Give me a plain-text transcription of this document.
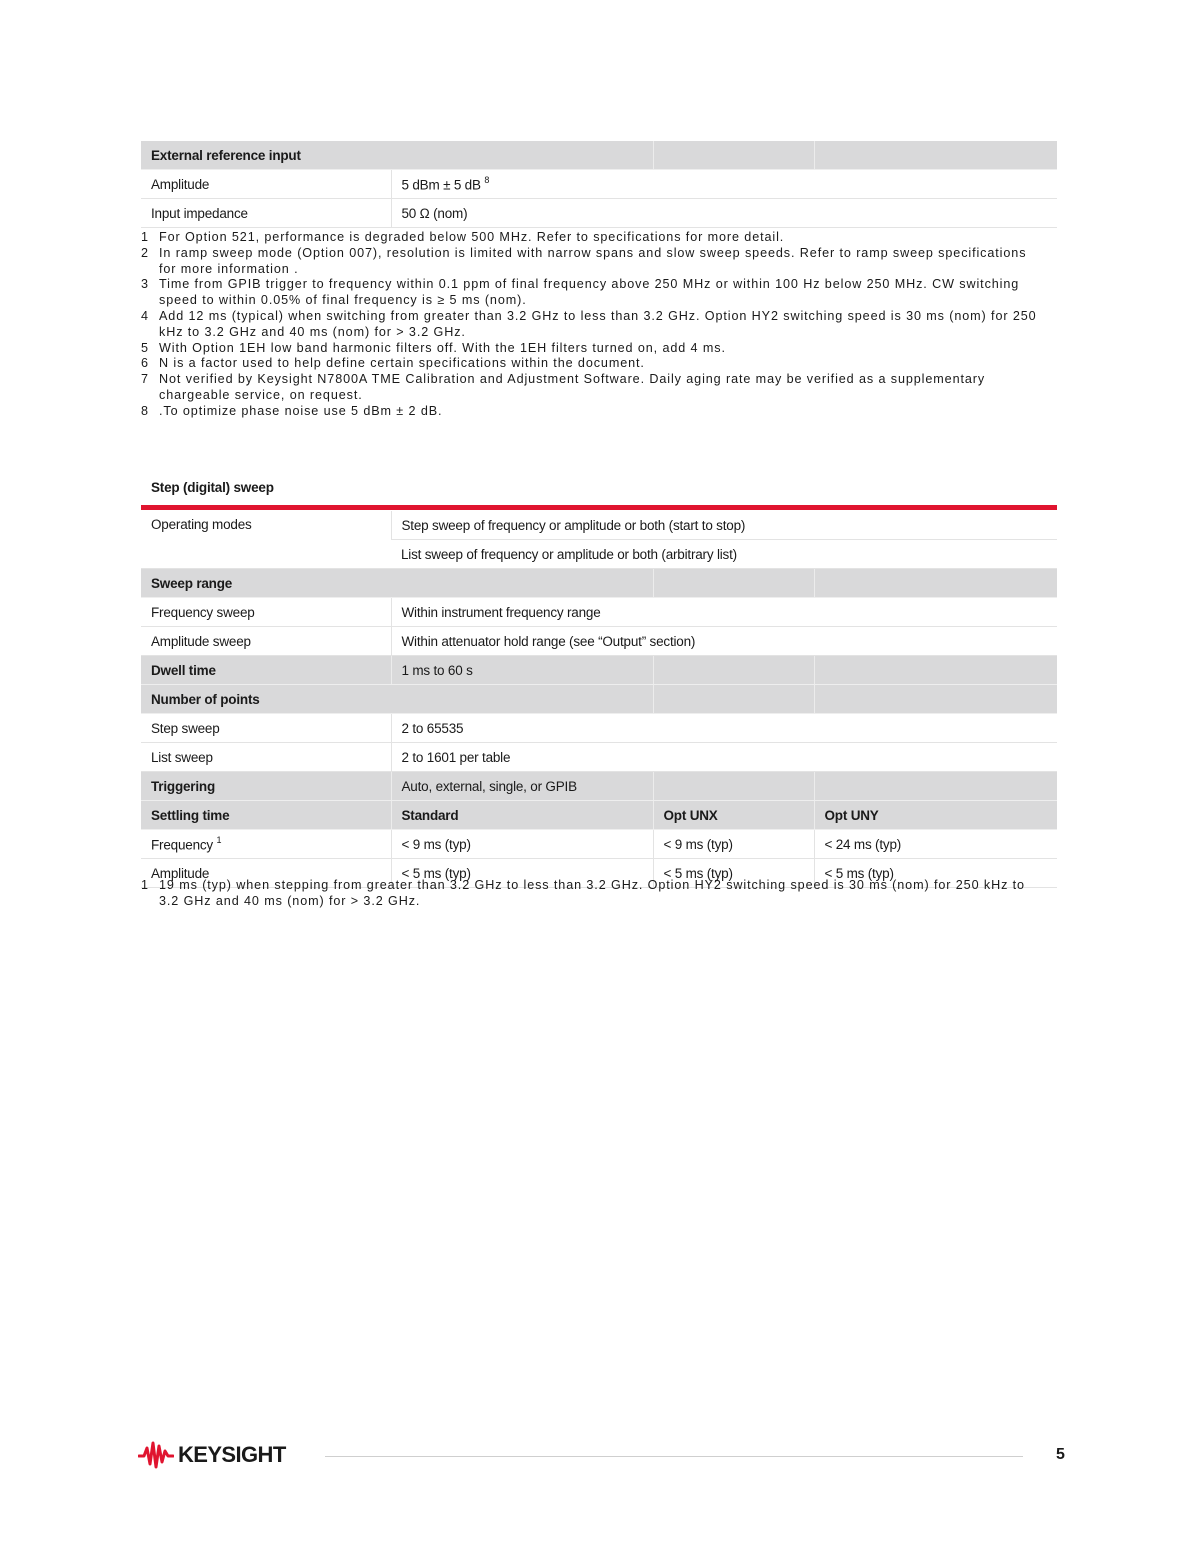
External reference input			
Amplitude	5 dBm ± 5 dB $^8$
Input impedance	50 Ω (nom)		
1 For Option 521, performance is degraded below 500 MHz. Refer to specifications for more detail.
2 In ramp sweep mode (Option 007), resolution is limited with narrow spans and slow sweep speeds. Refer to ramp sweep specifications for more information .
3 Time from GPIB trigger to frequency within 0.1 ppm of final frequency above 250 MHz or within 100 Hz below 250 MHz. CW switching speed to within 0.05% of final frequency is ≥ 5 ms (nom).
4 Add 12 ms (typical) when switching from greater than 3.2 GHz to less than 3.2 GHz. Option HY2 switching speed is 30 ms (nom) for 250 kHz to 3.2 GHz and 40 ms (nom) for > 3.2 GHz.
5 With Option 1EH low band harmonic filters off. With the 1EH filters turned on, add 4 ms.
6 N is a factor used to help define certain specifications within the document.
7 Not verified by Keysight N7800A TME Calibration and Adjustment Software. Daily aging rate may be verified as a supplementary chargeable service, on request.
8 .To optimize phase noise use 5 dBm ± 2 dB.
Step (digital) sweep
Operating modes	Step sweep of frequency or amplitude or both (start to stop)		
	List sweep of frequency or amplitude or both (arbitrary list)		
Sweep range			
Frequency sweep	Within instrument frequency range		
Amplitude sweep	Within attenuator hold range (see “Output” section)		
Dwell time	1 ms to 60 s		
Number of points			
Step sweep	2 to 65535		
List sweep	2 to 1601 per table		
Triggering	Auto, external, single, or GPIB		
Settling time	Standard	Opt UNX	Opt UNY
Frequency $^1$	< 9 ms (typ)	< 9 ms (typ)	< 24 ms (typ)
Amplitude	< 5 ms (typ)	< 5 ms (typ)	< 5 ms (typ)
1 19 ms (typ) when stepping from greater than 3.2 GHz to less than 3.2 GHz. Option HY2 switching speed is 30 ms (nom) for 250 kHz to 3.2 GHz and 40 ms (nom) for > 3.2 GHz.
KEYSIGHT	5
